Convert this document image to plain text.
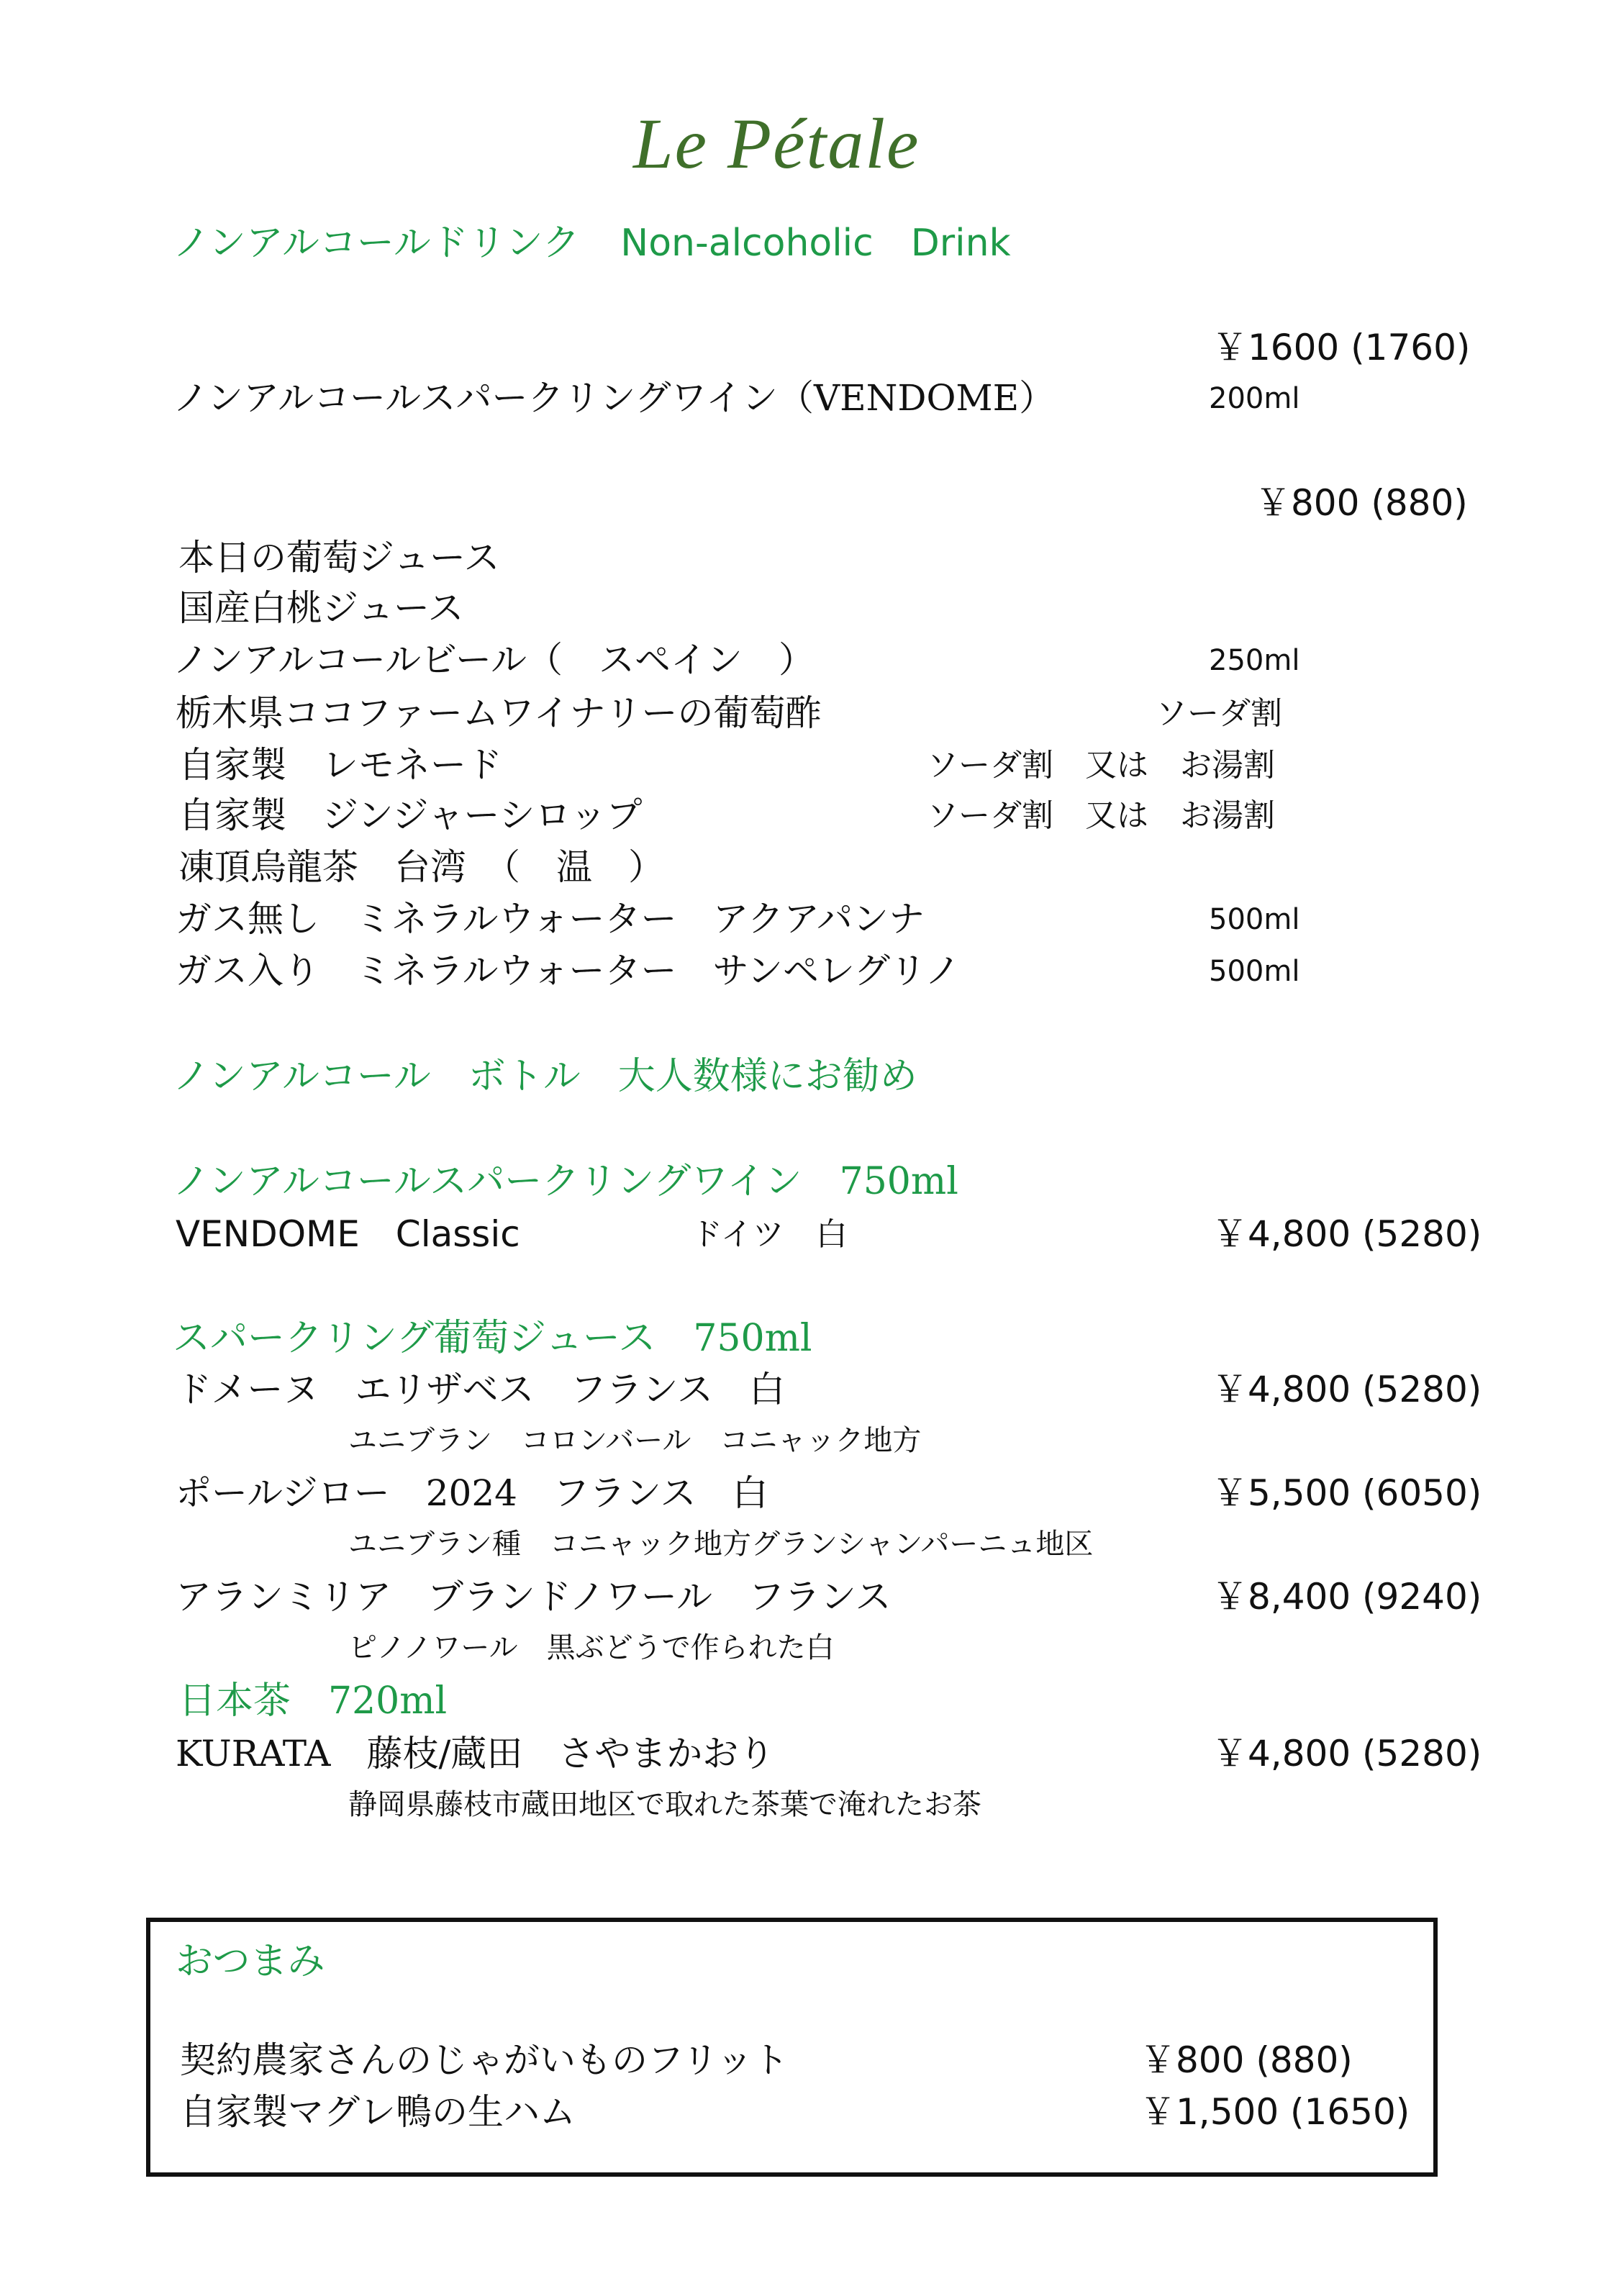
Le Pétale
ノンアルコールドリンク Non-alcoholic　Drink
￥1600 (1760)
ノンアルコールスパークリングワイン（VENDOME）	200ml
￥800 (880)
本日の葡萄ジュース
国産白桃ジュース
ノンアルコールビール（　スペイン　）	250ml
栃木県ココファームワイナリーの葡萄酢	ソーダ割
自家製　レモネード	ソーダ割　又は　お湯割
自家製　ジンジャーシロップ	ソーダ割　又は　お湯割
凍頂烏龍茶　台湾　（　温　）
ガス無し　ミネラルウォーター　アクアパンナ	500ml
ガス入り　ミネラルウォーター　サンペレグリノ	500ml
ノンアルコール　ボトル　大人数様にお勧め
ノンアルコールスパークリングワイン　750ml
VENDOME　Classic	ドイツ　白	￥4,800 (5280)
スパークリング葡萄ジュース　750ml
ドメーヌ　エリザベス　フランス　白	￥4,800 (5280)
ユニブラン　コロンバール　コニャック地方
ポールジロー　2024　フランス　白	￥5,500 (6050)
ユニブラン種　コニャック地方グランシャンパーニュ地区
アランミリア　ブランドノワール　フランス	￥8,400 (9240)
ピノノワール　黒ぶどうで作られた白
日本茶　720ml
KURATA　藤枝/蔵田　さやまかおり	￥4,800 (5280)
静岡県藤枝市蔵田地区で取れた茶葉で淹れたお茶
おつまみ
契約農家さんのじゃがいものフリット	￥800 (880)
自家製マグレ鴨の生ハム	￥1,500 (1650)
